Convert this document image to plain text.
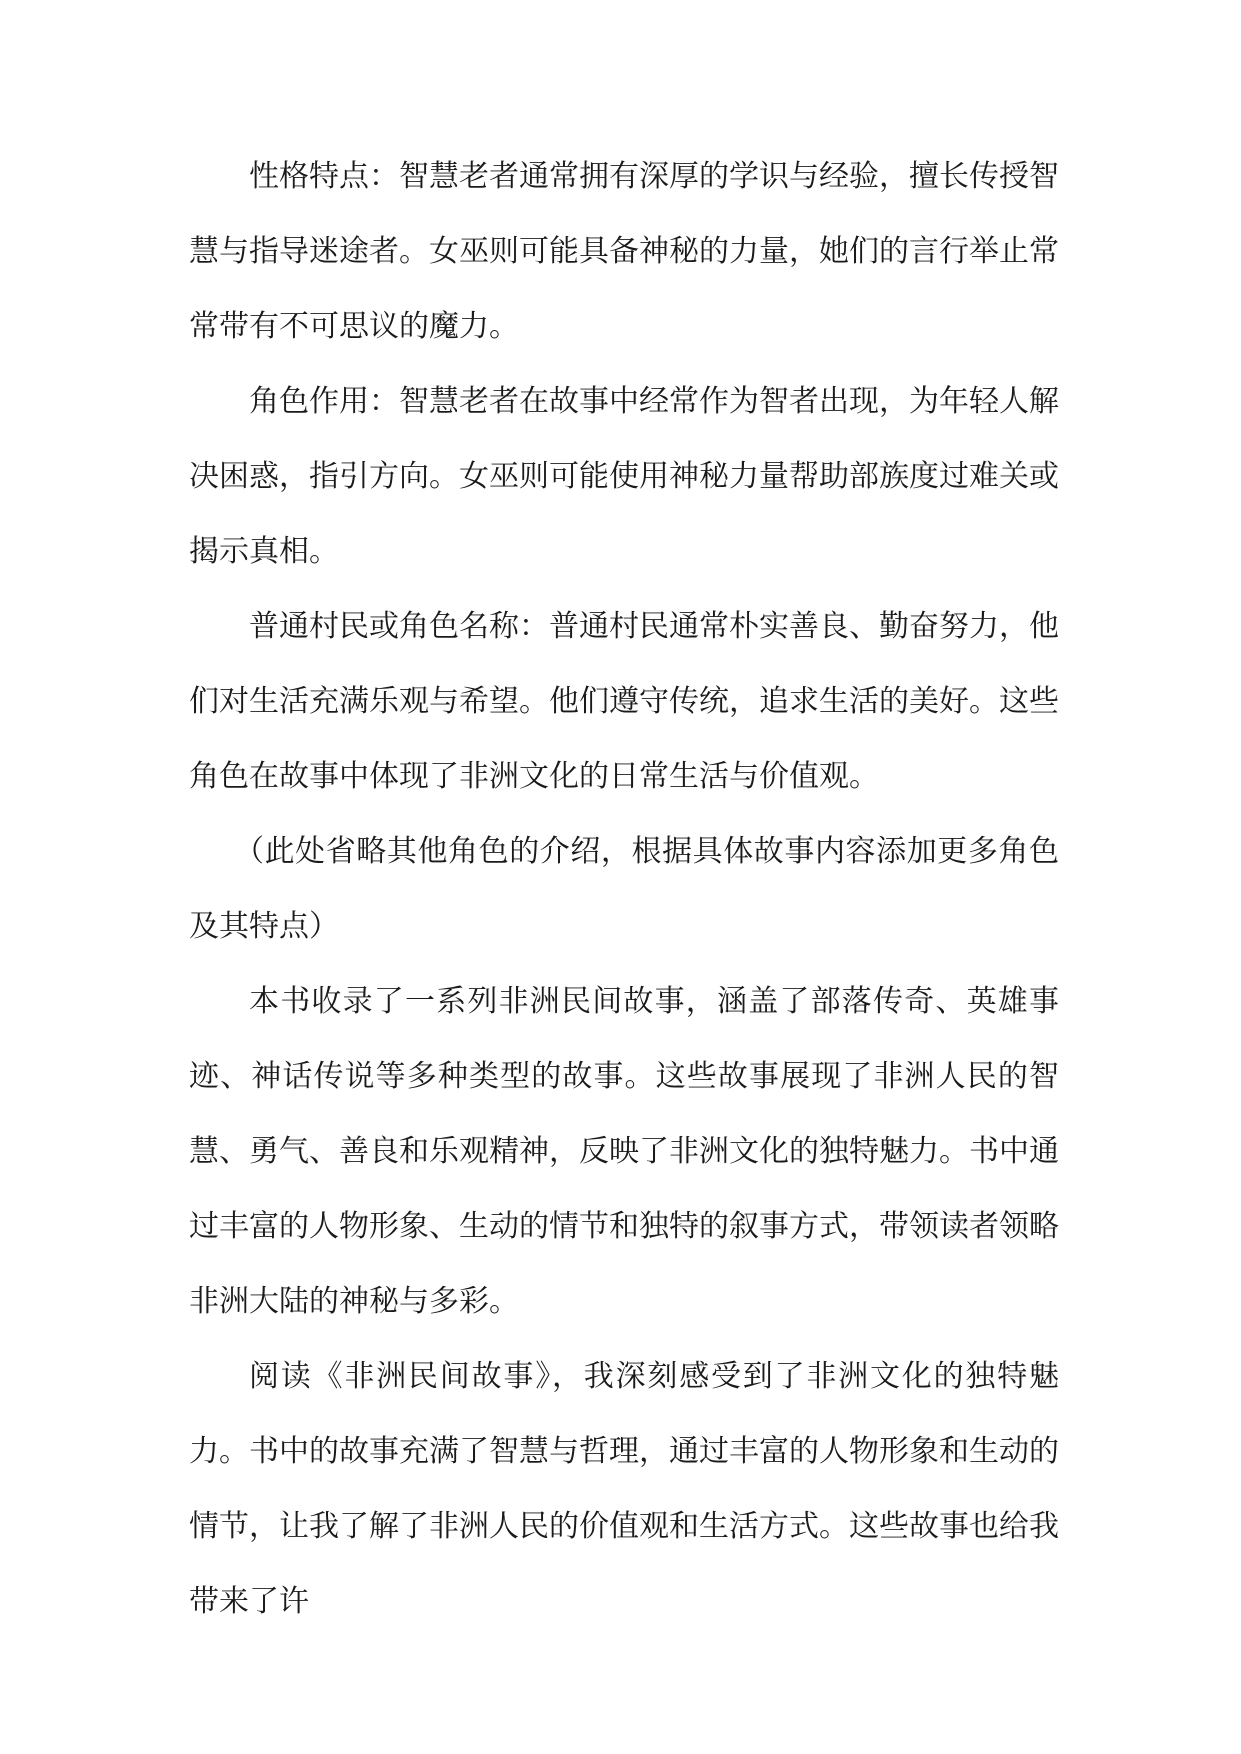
性格特点：智慧老者通常拥有深厚的学识与经验，擅长传授智慧与指导迷途者。女巫则可能具备神秘的力量，她们的言行举止常常带有不可思议的魔力。

角色作用：智慧老者在故事中经常作为智者出现，为年轻人解决困惑，指引方向。女巫则可能使用神秘力量帮助部族度过难关或揭示真相。

普通村民或角色名称：普通村民通常朴实善良、勤奋努力，他们对生活充满乐观与希望。他们遵守传统，追求生活的美好。这些角色在故事中体现了非洲文化的日常生活与价值观。

（此处省略其他角色的介绍，根据具体故事内容添加更多角色及其特点）

本书收录了一系列非洲民间故事，涵盖了部落传奇、英雄事迹、神话传说等多种类型的故事。这些故事展现了非洲人民的智慧、勇气、善良和乐观精神，反映了非洲文化的独特魅力。书中通过丰富的人物形象、生动的情节和独特的叙事方式，带领读者领略非洲大陆的神秘与多彩。

阅读《非洲民间故事》，我深刻感受到了非洲文化的独特魅力。书中的故事充满了智慧与哲理，通过丰富的人物形象和生动的情节，让我了解了非洲人民的价值观和生活方式。这些故事也给我带来了许
